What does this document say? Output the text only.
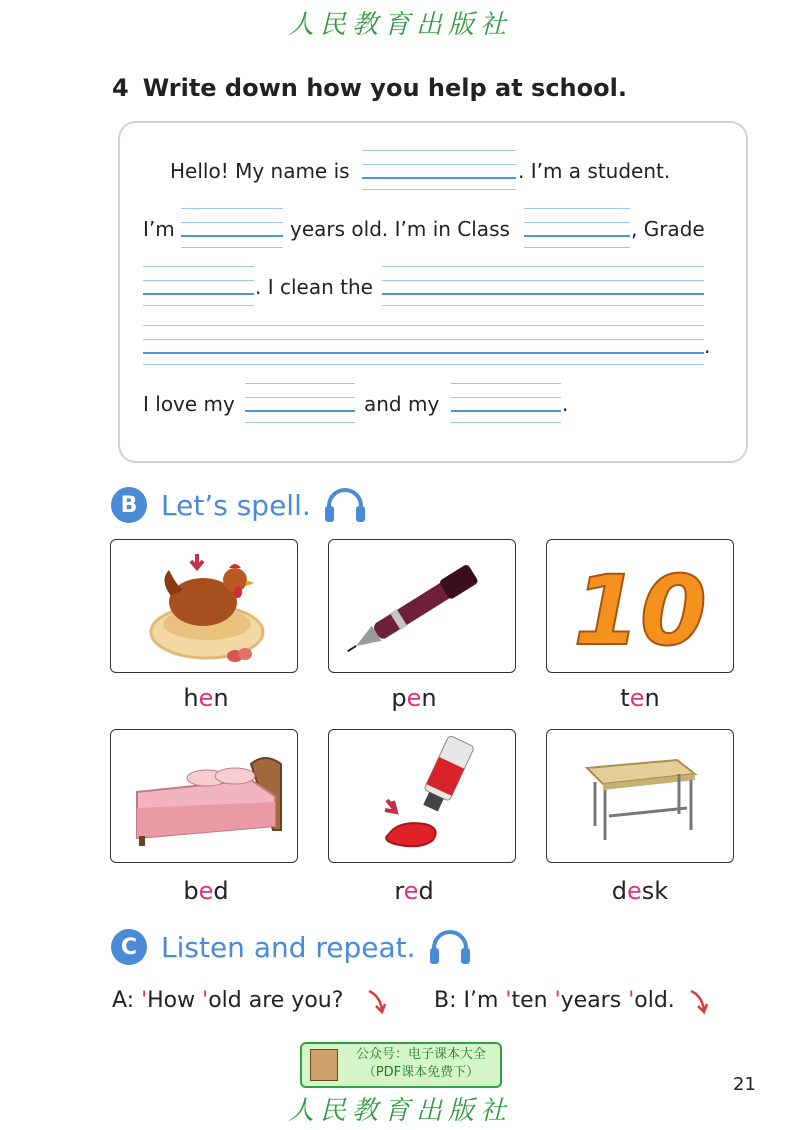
人民教育出版社
4 Write down how you help at school.
Hello! My name is	. I’m a student.
I’m	years old. I’m in Class	, Grade
. I clean the
.
I love my	and my	.
B Let’s spell.
10
hen	pen	ten
bed	red	desk
C Listen and repeat.
A: 'How 'old are you?	B: I’m 'ten 'years 'old.
公众号：电子课本大全
（PDF课本免费下）
21
人民教育出版社
